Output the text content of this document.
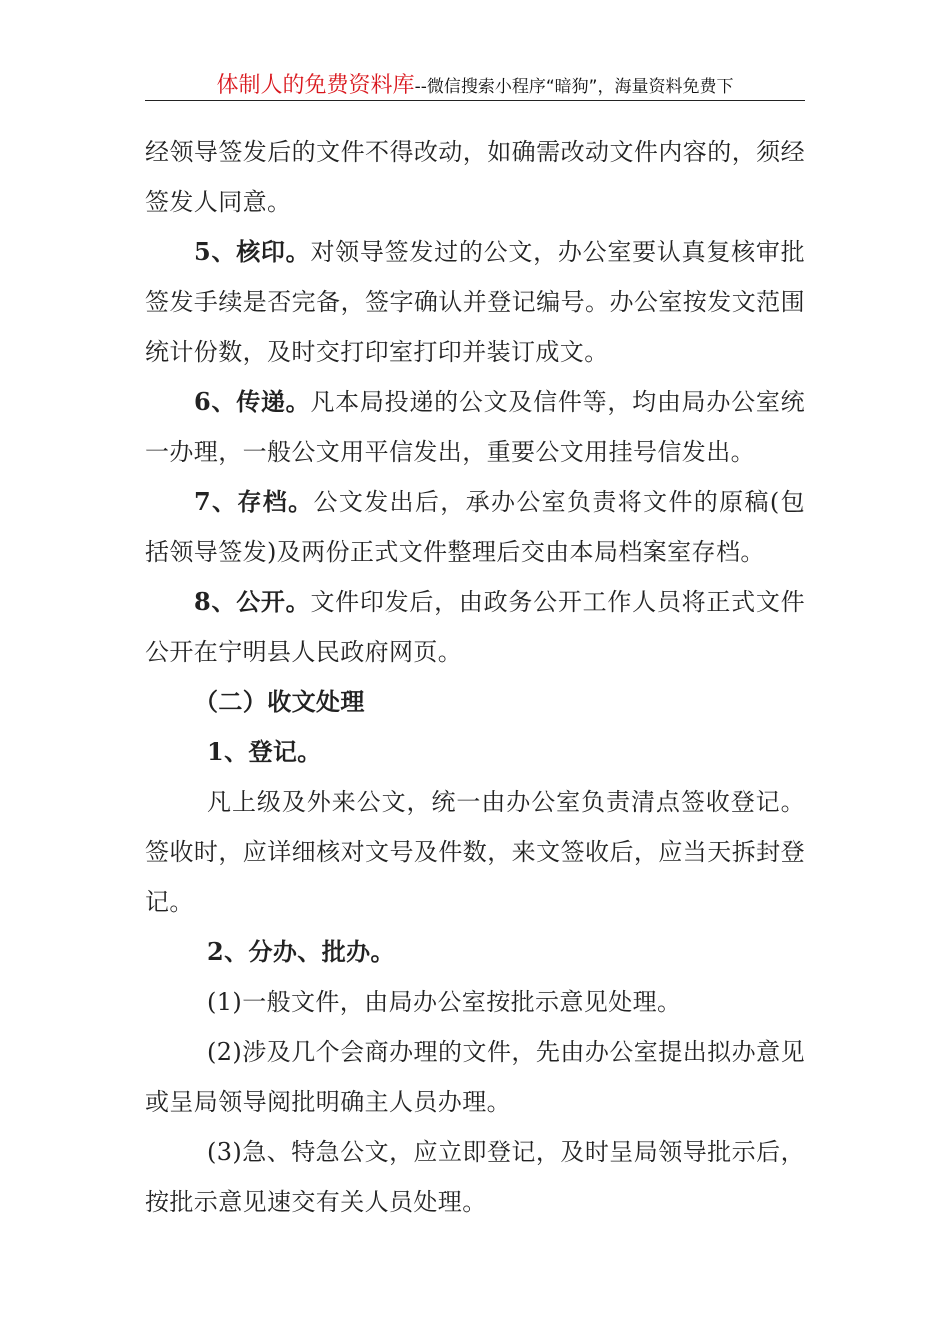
体制人的免费资料库--微信搜索小程序“暗狗”，海量资料免费下

经领导签发后的文件不得改动，如确需改动文件内容的，须经签发人同意。

5、核印。对领导签发过的公文，办公室要认真复核审批签发手续是否完备，签字确认并登记编号。办公室按发文范围统计份数，及时交打印室打印并装订成文。

6、传递。凡本局投递的公文及信件等，均由局办公室统一办理，一般公文用平信发出，重要公文用挂号信发出。

7、存档。公文发出后，承办公室负责将文件的原稿(包括领导签发)及两份正式文件整理后交由本局档案室存档。

8、公开。文件印发后，由政务公开工作人员将正式文件公开在宁明县人民政府网页。

（二）收文处理

1、登记。

凡上级及外来公文，统一由办公室负责清点签收登记。签收时，应详细核对文号及件数，来文签收后，应当天拆封登记。

2、分办、批办。

(1)一般文件，由局办公室按批示意见处理。

(2)涉及几个会商办理的文件，先由办公室提出拟办意见或呈局领导阅批明确主人员办理。

(3)急、特急公文，应立即登记，及时呈局领导批示后，按批示意见速交有关人员处理。
